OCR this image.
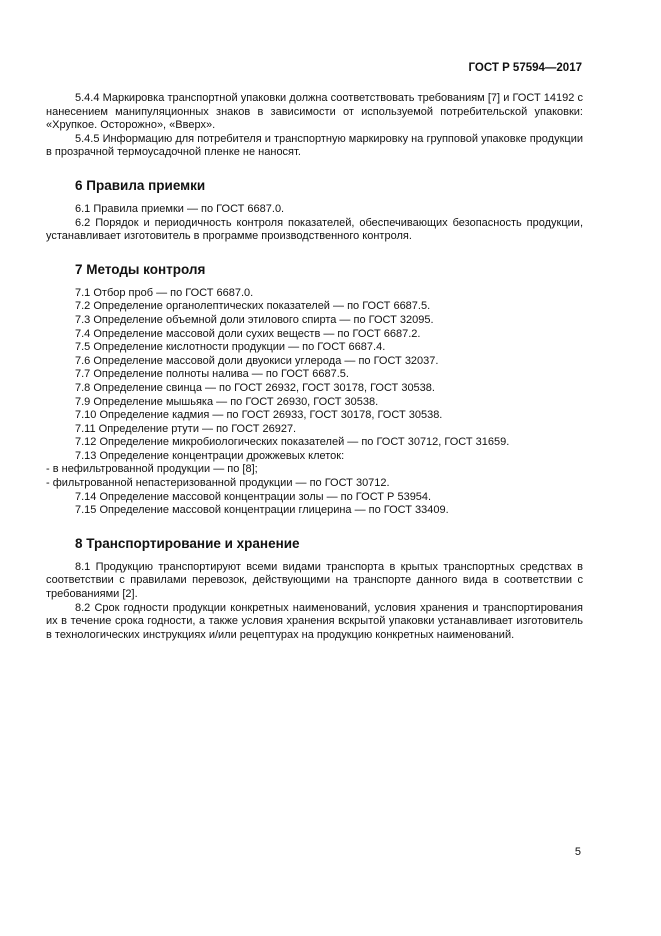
ГОСТ Р 57594—2017

5.4.4 Маркировка транспортной упаковки должна соответствовать требованиям [7] и ГОСТ 14192 с нанесением манипуляционных знаков в зависимости от используемой потребительской упаковки: «Хрупкое. Осторожно», «Вверх».

5.4.5 Информацию для потребителя и транспортную маркировку на групповой упаковке продукции в прозрачной термоусадочной пленке не наносят.

6 Правила приемки

6.1 Правила приемки — по ГОСТ 6687.0.

6.2 Порядок и периодичность контроля показателей, обеспечивающих безопасность продукции, устанавливает изготовитель в программе производственного контроля.

7 Методы контроля
7.1 Отбор проб — по ГОСТ 6687.0.
7.2 Определение органолептических показателей — по ГОСТ 6687.5.
7.3 Определение объемной доли этилового спирта — по ГОСТ 32095.
7.4 Определение массовой доли сухих веществ — по ГОСТ 6687.2.
7.5 Определение кислотности продукции — по ГОСТ 6687.4.
7.6 Определение массовой доли двуокиси углерода — по ГОСТ 32037.
7.7 Определение полноты налива — по ГОСТ 6687.5.
7.8 Определение свинца — по ГОСТ 26932, ГОСТ 30178, ГОСТ 30538.
7.9 Определение мышьяка — по ГОСТ 26930, ГОСТ 30538.
7.10 Определение кадмия — по ГОСТ 26933, ГОСТ 30178, ГОСТ 30538.
7.11 Определение ртути — по ГОСТ 26927.
7.12 Определение микробиологических показателей — по ГОСТ 30712, ГОСТ 31659.
7.13 Определение концентрации дрожжевых клеток:
- в нефильтрованной продукции — по [8];
- фильтрованной непастеризованной продукции — по ГОСТ 30712.
7.14 Определение массовой концентрации золы — по ГОСТ Р 53954.
7.15 Определение массовой концентрации глицерина — по ГОСТ 33409.
8 Транспортирование и хранение

8.1 Продукцию транспортируют всеми видами транспорта в крытых транспортных средствах в соответствии с правилами перевозок, действующими на транспорте данного вида в соответствии с требованиями [2].

8.2 Срок годности продукции конкретных наименований, условия хранения и транспортирования их в течение срока годности, а также условия хранения вскрытой упаковки устанавливает изготовитель в технологических инструкциях и/или рецептурах на продукцию конкретных наименований.

5
